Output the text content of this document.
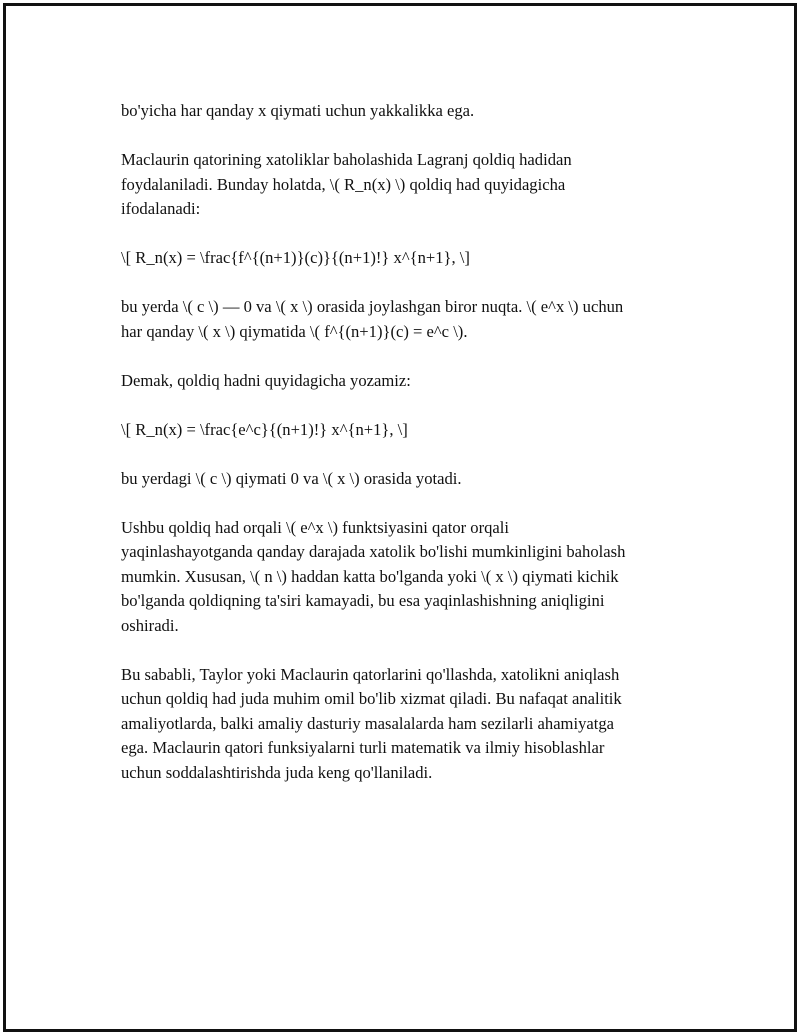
bo'yicha har qanday x qiymati uchun yakkalikka ega.

Maclaurin qatorining xatoliklar baholashida Lagranj qoldiq hadidan
foydalaniladi. Bunday holatda, \( R_n(x) \) qoldiq had quyidagicha
ifodalanadi:

\[ R_n(x) = \frac{f^{(n+1)}(c)}{(n+1)!} x^{n+1}, \]

bu yerda \( c \) — 0 va \( x \) orasida joylashgan biror nuqta. \( e^x \) uchun
har qanday \( x \) qiymatida \( f^{(n+1)}(c) = e^c \).

Demak, qoldiq hadni quyidagicha yozamiz:

\[ R_n(x) = \frac{e^c}{(n+1)!} x^{n+1}, \]

bu yerdagi \( c \) qiymati 0 va \( x \) orasida yotadi.

Ushbu qoldiq had orqali \( e^x \) funktsiyasini qator orqali
yaqinlashayotganda qanday darajada xatolik bo'lishi mumkinligini baholash
mumkin. Xususan, \( n \) haddan katta bo'lganda yoki \( x \) qiymati kichik
bo'lganda qoldiqning ta'siri kamayadi, bu esa yaqinlashishning aniqligini
oshiradi.

Bu sababli, Taylor yoki Maclaurin qatorlarini qo'llashda, xatolikni aniqlash
uchun qoldiq had juda muhim omil bo'lib xizmat qiladi. Bu nafaqat analitik
amaliyotlarda, balki amaliy dasturiy masalalarda ham sezilarli ahamiyatga
ega. Maclaurin qatori funksiyalarni turli matematik va ilmiy hisoblashlar
uchun soddalashtirishda juda keng qo'llaniladi.
